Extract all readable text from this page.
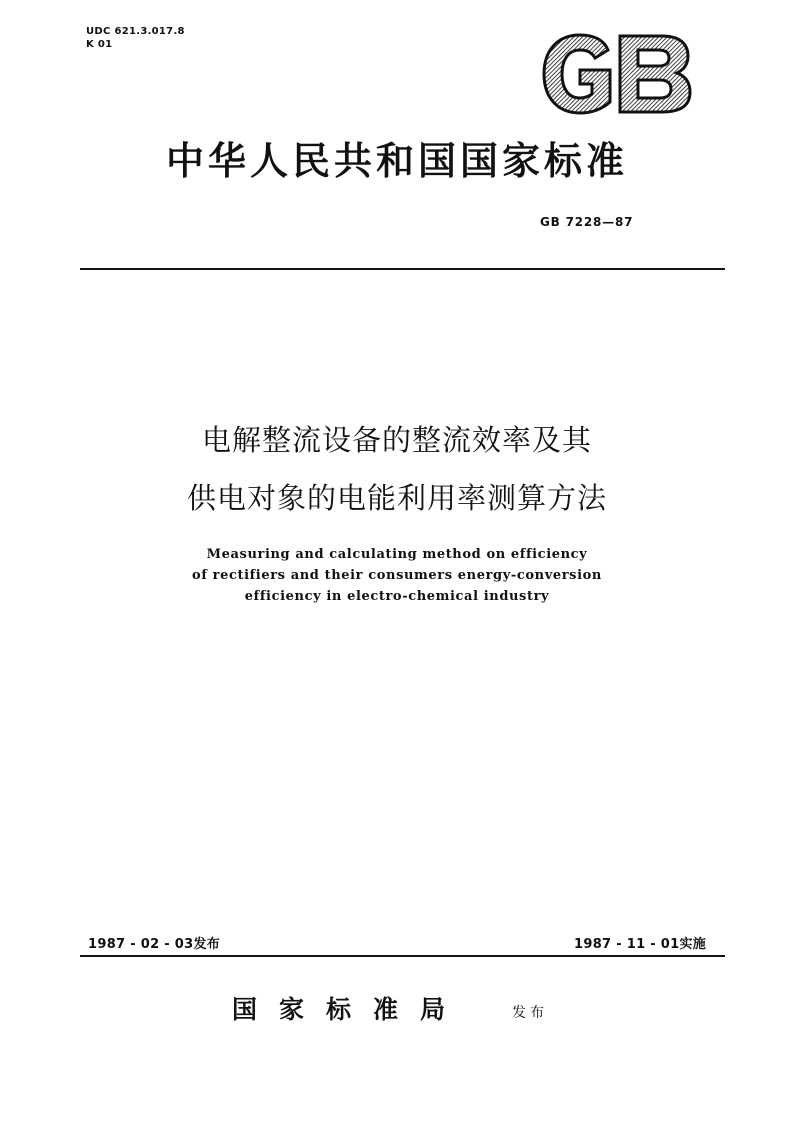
UDC 621.3.017.8
K 01
中华人民共和国国家标准
GB 7228—87
电解整流设备的整流效率及其
供电对象的电能利用率测算方法
Measuring and calculating method on efficiency
of rectifiers and their consumers energy-conversion
efficiency in electro-chemical industry
1987 - 02 - 03发布	1987 - 11 - 01实施
国家标准局	发布
